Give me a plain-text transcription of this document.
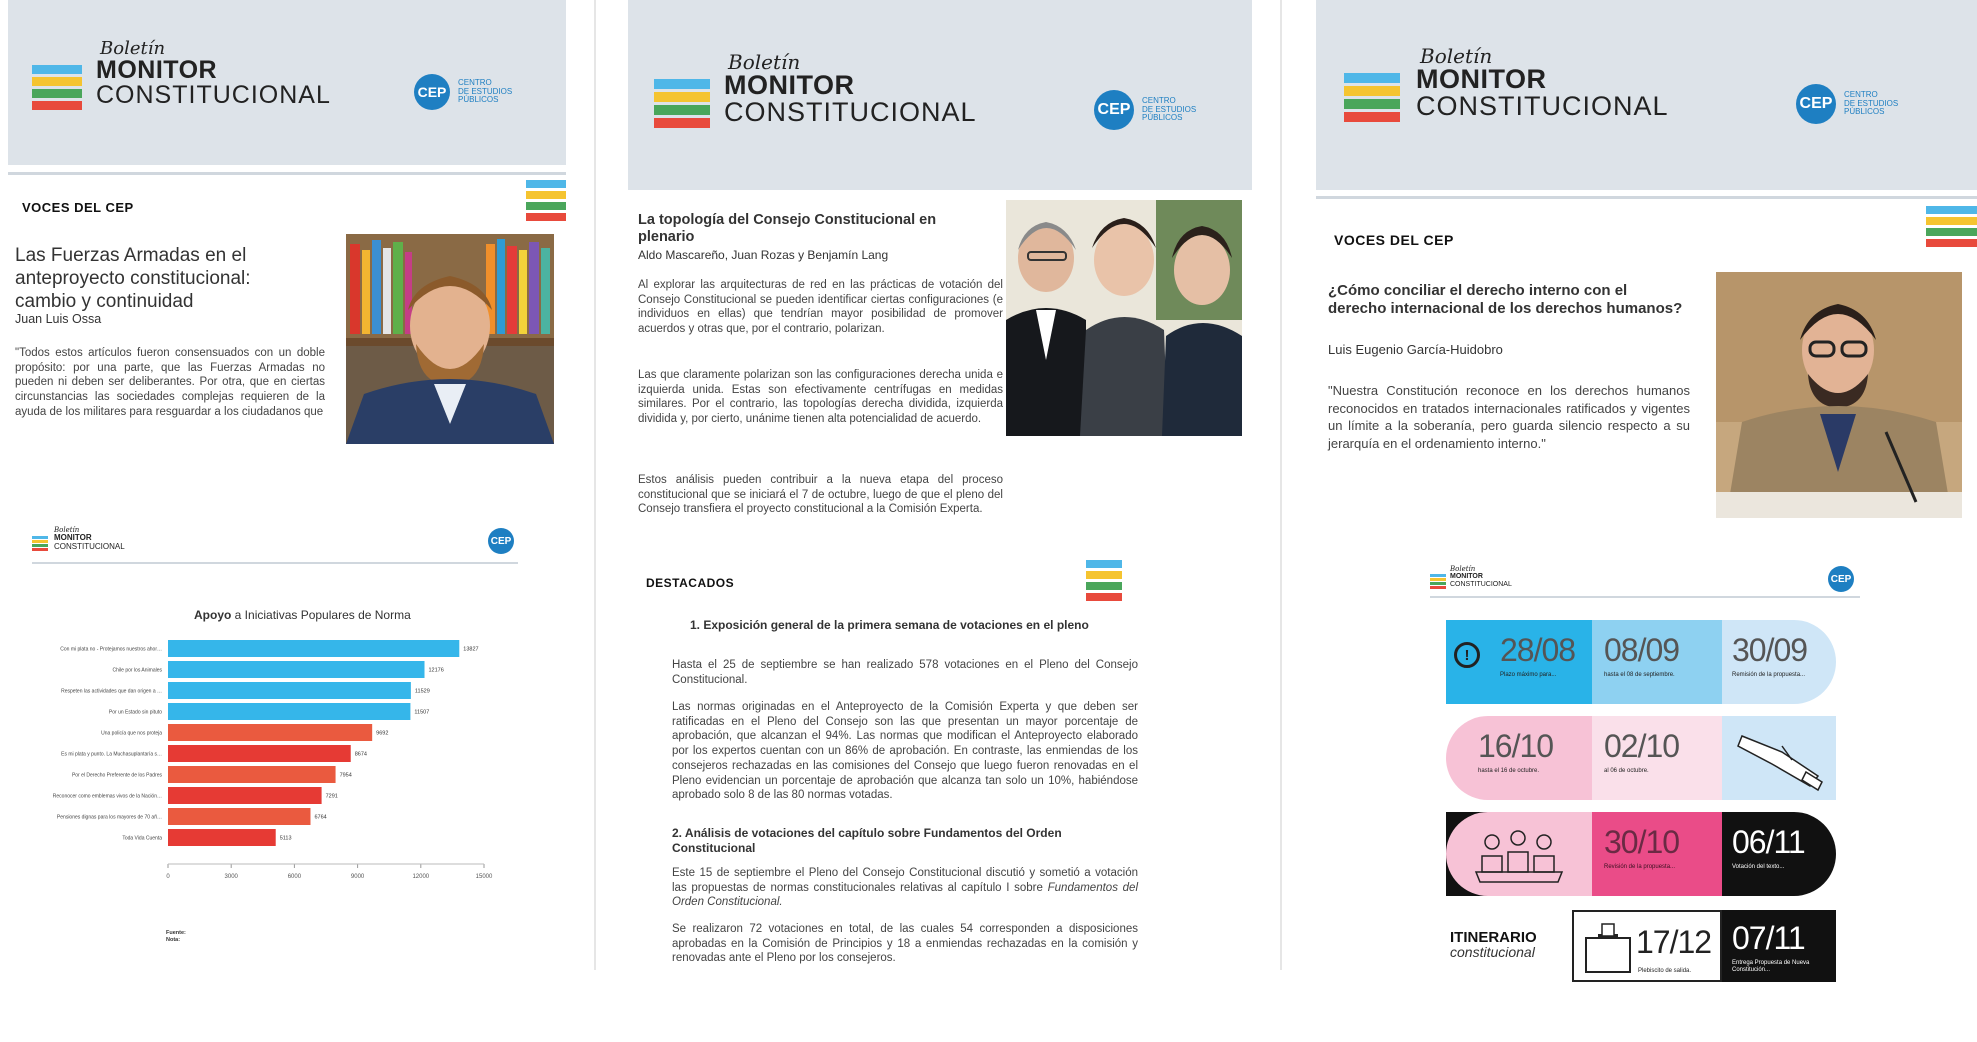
Boletín
MONITOR
CONSTITUCIONAL	CEP
CENTRO
DE ESTUDIOS
PÚBLICOS
VOCES DEL CEP
Las Fuerzas Armadas en el anteproyecto constitucional: cambio y continuidad
Juan Luis Ossa
"Todos estos artículos fueron consensuados con un doble propósito: por una parte, que las Fuerzas Armadas no pueden ni deben ser deliberantes. Por otra, que en ciertas circunstancias las sociedades complejas requieren de la ayuda de los militares para resguardar a los ciudadanos que
Boletín
MONITOR
CONSTITUCIONAL	CEP
Apoyo a Iniciativas Populares de Norma
Con mi plata no - Protejamos nuestros ahor…	13827
Chile por los Animales	12176
Respeten las actividades que dan origen a …	11529
Por un Estado sin pituto	11507
Una policía que nos proteja	9692
Es mi plata y punto. La Muchasuplantaría s…	8674
Por el Derecho Preferente de los Padres	7954
Reconocer como emblemas vivos de la Nación…	7291
Pensiones dignas para los mayores de 70 añ…	6764
Toda Vida Cuenta	5113
0	3000	6000	9000	12000	15000
Fuente:
Nota:
Boletín
MONITOR
CONSTITUCIONAL	CEP
CENTRO
DE ESTUDIOS
PÚBLICOS
La topología del Consejo Constitucional en plenario
Aldo Mascareño, Juan Rozas y Benjamín Lang
Al explorar las arquitecturas de red en las prácticas de votación del Consejo Constitucional se pueden identificar ciertas configuraciones (e individuos en ellas) que tendrían mayor posibilidad de promover acuerdos y otras que, por el contrario, polarizan.
Las que claramente polarizan son las configuraciones derecha unida e izquierda unida. Estas son efectivamente centrífugas en medidas similares. Por el contrario, las topologías derecha dividida, izquierda dividida y, por cierto, unánime tienen alta potencialidad de acuerdo.
Estos análisis pueden contribuir a la nueva etapa del proceso constitucional que se iniciará el 7 de octubre, luego de que el pleno del Consejo transfiera el proyecto constitucional a la Comisión Experta.
DESTACADOS
1. Exposición general de la primera semana de votaciones en el pleno
Hasta el 25 de septiembre se han realizado 578 votaciones en el Pleno del Consejo Constitucional.
Las normas originadas en el Anteproyecto de la Comisión Experta y que deben ser ratificadas en el Pleno del Consejo son las que presentan un mayor porcentaje de aprobación, que alcanzan el 94%. Las normas que modifican el Anteproyecto elaborado por los expertos cuentan con un 86% de aprobación. En contraste, las enmiendas de los consejeros rechazadas en las comisiones del Consejo que luego fueron renovadas en el Pleno evidencian un porcentaje de aprobación que alcanza tan solo un 10%, habiéndose aprobado solo 8 de las 80 normas votadas.
2. Análisis de votaciones del capítulo sobre Fundamentos del Orden Constitucional
Este 15 de septiembre el Pleno del Consejo Constitucional discutió y sometió a votación las propuestas de normas constitucionales relativas al capítulo I sobre Fundamentos del Orden Constitucional.
Se realizaron 72 votaciones en total, de las cuales 54 corresponden a disposiciones aprobadas en la Comisión de Principios y 18 a enmiendas rechazadas en la comisión y renovadas ante el Pleno por los consejeros.
Boletín
MONITOR
CONSTITUCIONAL	CEP
CENTRO
DE ESTUDIOS
PÚBLICOS
VOCES DEL CEP
¿Cómo conciliar el derecho interno con el derecho internacional de los derechos humanos?
Luis Eugenio García-Huidobro
"Nuestra Constitución reconoce en los derechos humanos reconocidos en tratados internacionales ratificados y vigentes un límite a la soberanía, pero guarda silencio respecto a su jerarquía en el ordenamiento interno."
Boletín
MONITOR
CONSTITUCIONAL	CEP
! 28/08
Plazo máximo para...
08/09
hasta el 08 de septiembre.
30/09
Remisión de la propuesta...
16/10
hasta el 16 de octubre.
02/10
al 06 de octubre.
30/10
Revisión de la propuesta...
06/11
Votación del texto...
ITINERARIO
constitucional	17/12
Plebiscito de salida.
07/11
Entrega Propuesta de Nueva Constitución...
